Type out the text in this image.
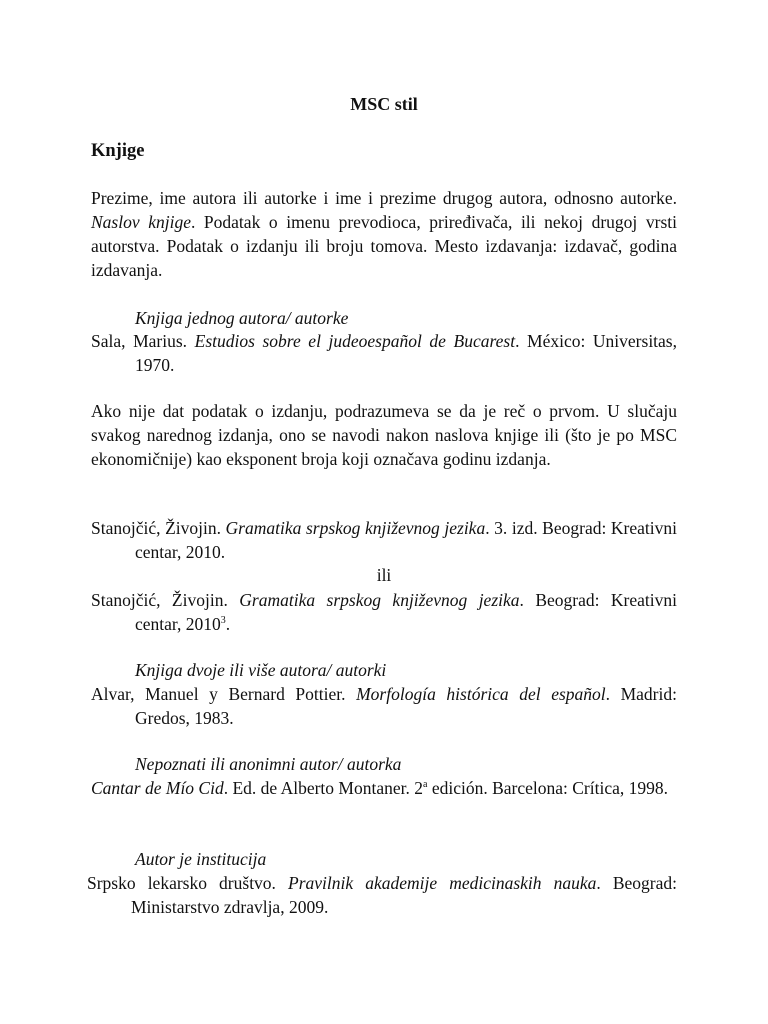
MSC stil
Knjige

Prezime, ime autora ili autorke i ime i prezime drugog autora, odnosno autorke. Naslov knjige. Podatak o imenu prevodioca, priređivača, ili nekoj drugoj vrsti autorstva. Podatak o izdanju ili broju tomova. Mesto izdavanja: izdavač, godina izdavanja.

Knjiga jednog autora/ autorke

Sala, Marius. Estudios sobre el judeoespañol de Bucarest. México: Universitas, 1970.

Ako nije dat podatak o izdanju, podrazumeva se da je reč o prvom. U slučaju svakog narednog izdanja, ono se navodi nakon naslova knjige ili (što je po MSC ekonomičnije) kao eksponent broja koji označava godinu izdanja.

Stanojčić, Živojin. Gramatika srpskog književnog jezika. 3. izd. Beograd: Kreativni centar, 2010.

ili

Stanojčić, Živojin. Gramatika srpskog književnog jezika. Beograd: Kreativni centar, 2010$^3$.

Knjiga dvoje ili više autora/ autorki

Alvar, Manuel y Bernard Pottier. Morfología histórica del español. Madrid: Gredos, 1983.

Nepoznati ili anonimni autor/ autorka

Cantar de Mío Cid. Ed. de Alberto Montaner. 2$^a$ edición. Barcelona: Crítica, 1998.

Autor je institucija

Srpsko lekarsko društvo. Pravilnik akademije medicinaskih nauka. Beograd: Ministarstvo zdravlja, 2009.
